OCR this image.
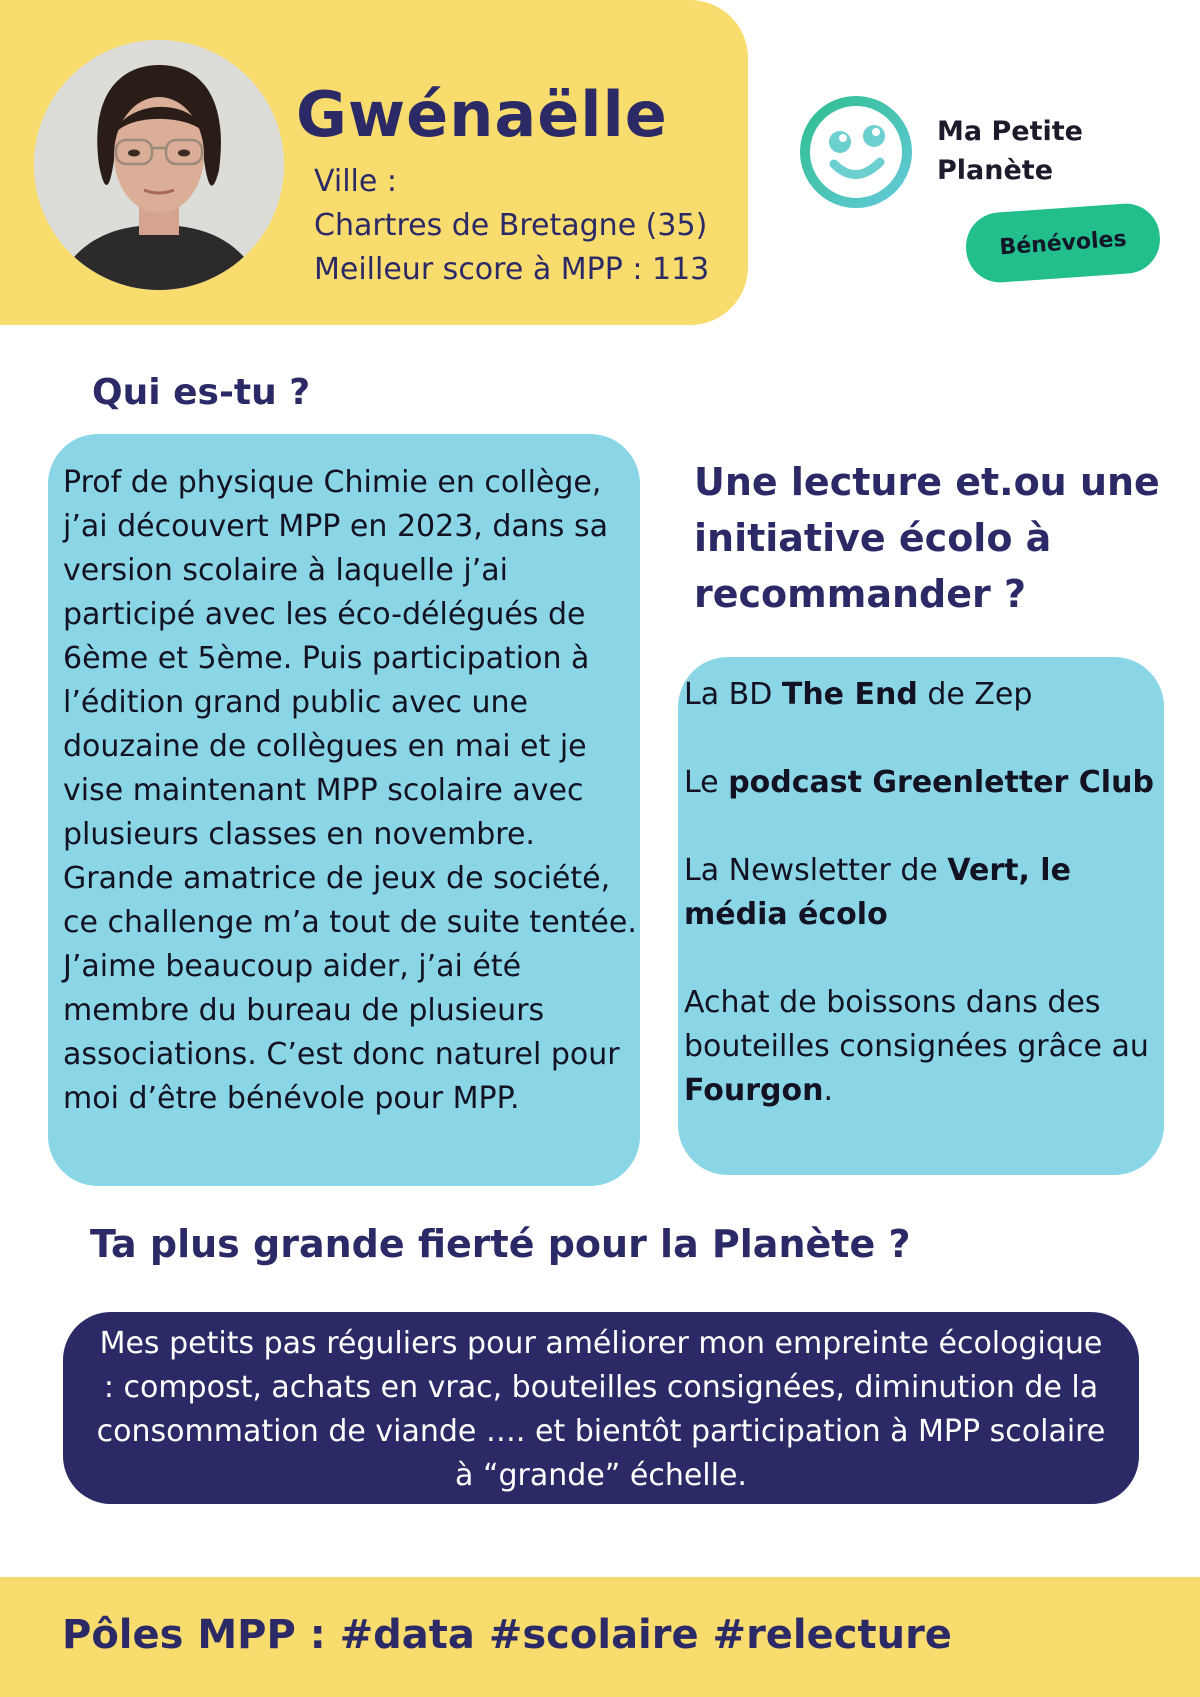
Gwénaëlle
Ville :
Chartres de Bretagne (35)
Meilleur score à MPP : 113
Ma Petite
Planète
Bénévoles
Qui es-tu ?
Prof de physique Chimie en collège, j’ai découvert MPP en 2023, dans sa version scolaire à laquelle j’ai participé avec les éco-délégués de 6ème et 5ème. Puis participation à l’édition grand public avec une douzaine de collègues en mai et je vise maintenant MPP scolaire avec plusieurs classes en novembre. Grande amatrice de jeux de société, ce challenge m’a tout de suite tentée. J’aime beaucoup aider, j’ai été membre du bureau de plusieurs associations. C’est donc naturel pour moi d’être bénévole pour MPP.
Une lecture et.ou une initiative écolo à recommander ?

La BD The End de Zep

Le podcast Greenletter Club

La Newsletter de Vert, le média écolo

Achat de boissons dans des bouteilles consignées grâce au Fourgon.

Ta plus grande fierté pour la Planète ?
Mes petits pas réguliers pour améliorer mon empreinte écologique : compost, achats en vrac, bouteilles consignées, diminution de la consommation de viande …. et bientôt participation à MPP scolaire à “grande” échelle.
Pôles MPP : #data #scolaire #relecture
